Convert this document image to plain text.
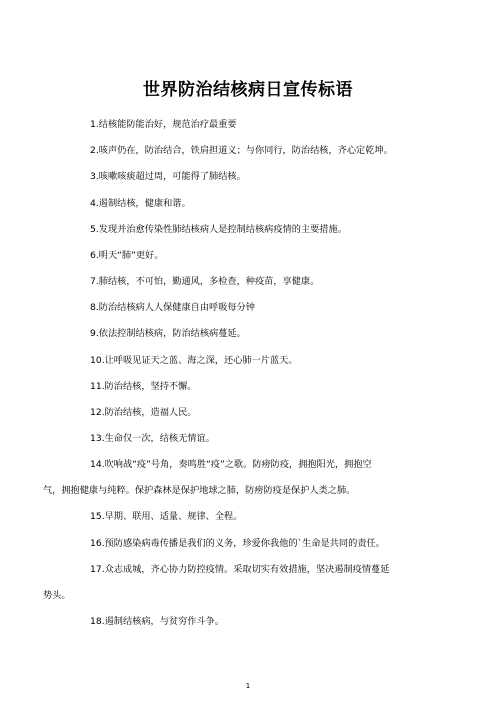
世界防治结核病日宣传标语

1.结核能防能治好，规范治疗最重要

2.咳声仍在，防治结合，铁肩担道义；与你同行，防治结核，齐心定乾坤。

3.咳嗽咳痰超过周，可能得了肺结核。

4.遏制结核，健康和谐。

5.发现并治愈传染性肺结核病人是控制结核病疫情的主要措施。

6.明天“肺”更好。

7.肺结核，不可怕，勤通风，多检查，种疫苗，享健康。

8.防治结核病人人保健康自由呼吸每分钟

9.依法控制结核病，防治结核病蔓延。

10.让呼吸见证天之蓝、海之深，还心肺一片蓝天。

11.防治结核，坚持不懈。

12.防治结核，造福人民。

13.生命仅一次，结核无情谊。

14.吹响战“疫”号角，奏鸣胜“疫”之歌。防痨防疫，拥抱阳光，拥抱空

气，拥抱健康与纯粹。保护森林是保护地球之肺，防痨防疫是保护人类之肺。

15.早期、联用、适量、规律、全程。

16.预防感染病毒传播是我们的义务，珍爱你我他的`生命是共同的责任。

17.众志成城，齐心协力防控疫情。采取切实有效措施，坚决遏制疫情蔓延

势头。

18.遏制结核病，与贫穷作斗争。

1
